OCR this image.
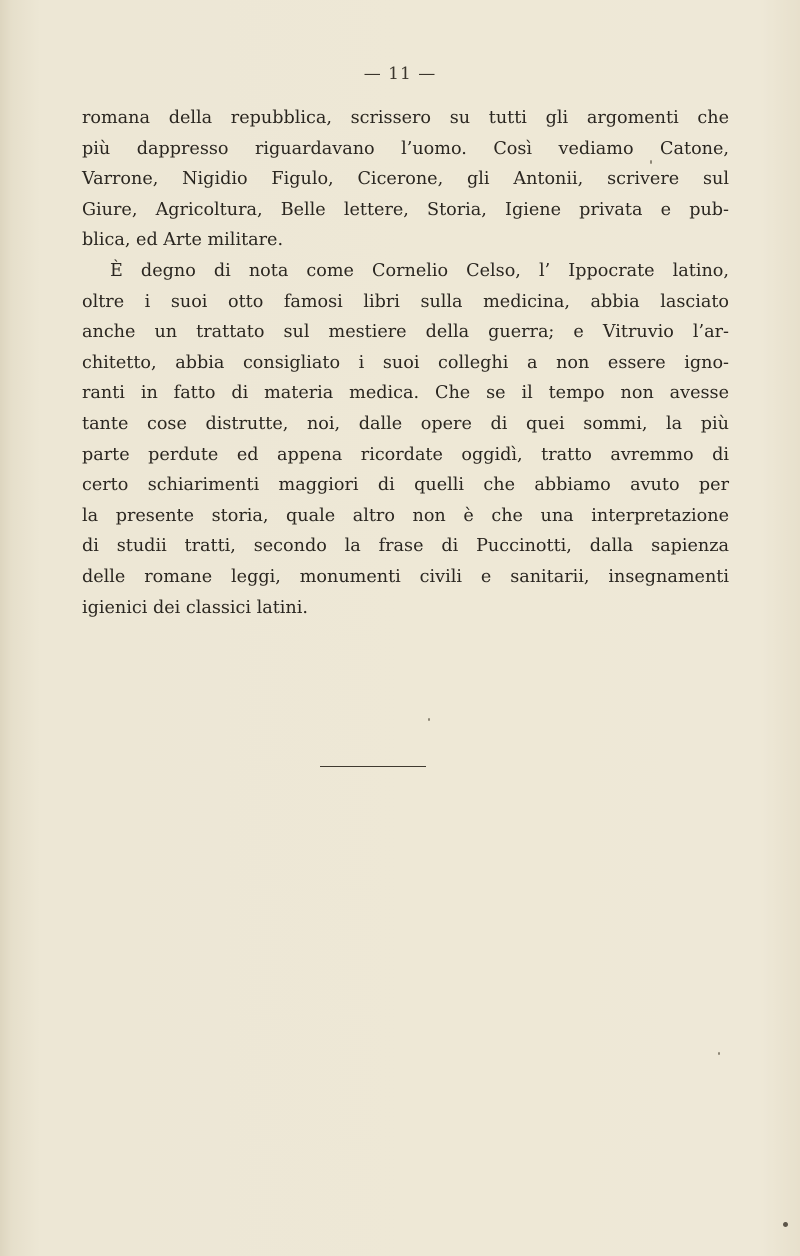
— 11 —
romana della repubblica, scrissero su tutti gli argomenti che
più dappresso riguardavano l’uomo. Così vediamo Catone,
Varrone, Nigidio Figulo, Cicerone, gli Antonii, scrivere sul
Giure, Agricoltura, Belle lettere, Storia, Igiene privata e pub-
blica, ed Arte militare.
È degno di nota come Cornelio Celso, l’ Ippocrate latino,
oltre i suoi otto famosi libri sulla medicina, abbia lasciato
anche un trattato sul mestiere della guerra; e Vitruvio l’ar-
chitetto, abbia consigliato i suoi colleghi a non essere igno-
ranti in fatto di materia medica. Che se il tempo non avesse
tante cose distrutte, noi, dalle opere di quei sommi, la più
parte perdute ed appena ricordate oggidì, tratto avremmo di
certo schiarimenti maggiori di quelli che abbiamo avuto per
la presente storia, quale altro non è che una interpretazione
di studii tratti, secondo la frase di Puccinotti, dalla sapienza
delle romane leggi, monumenti civili e sanitarii, insegnamenti
igienici dei classici latini.
